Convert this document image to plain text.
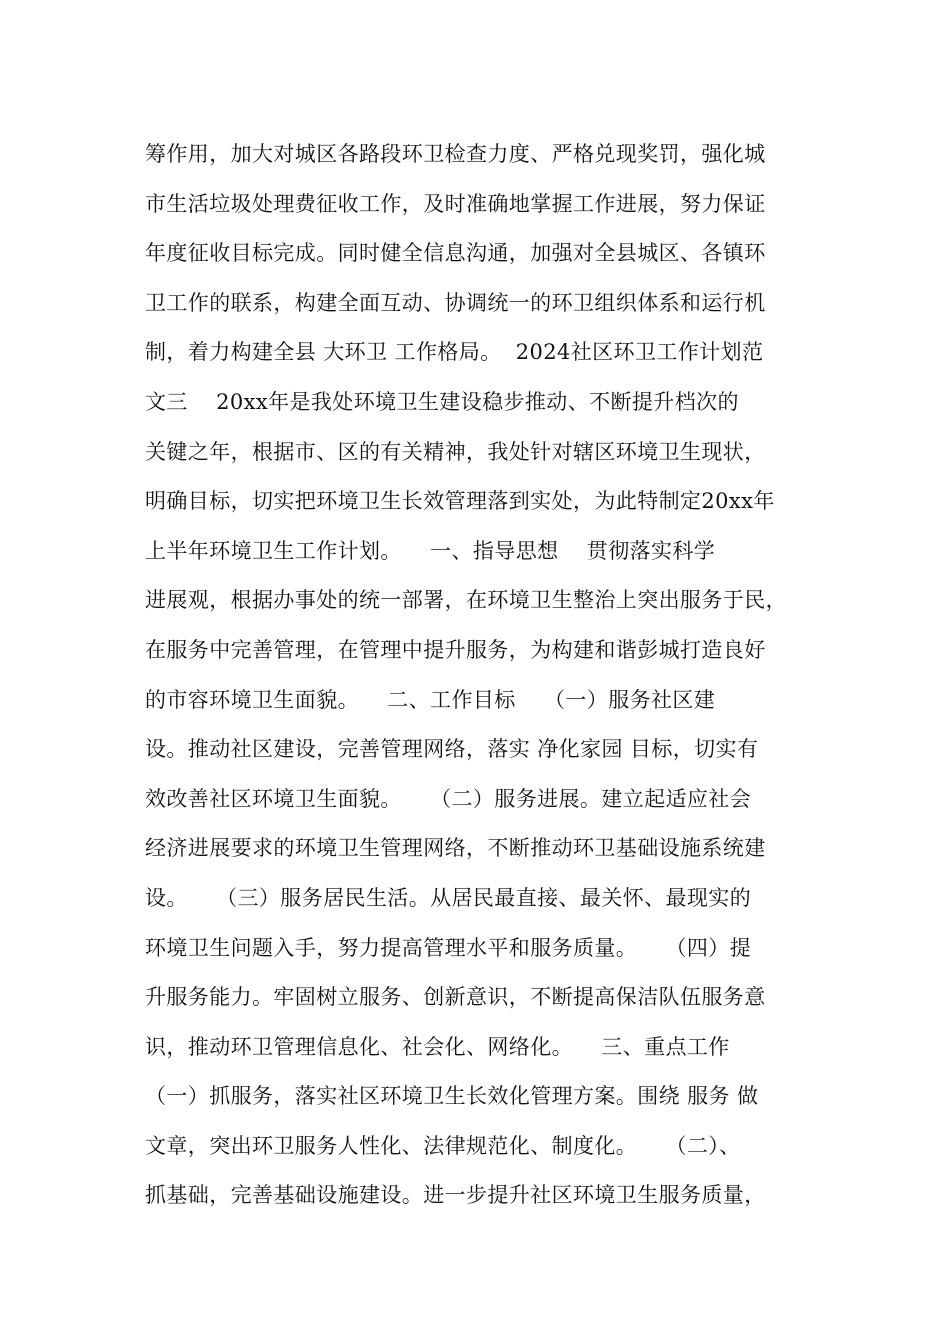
筹作用，加大对城区各路段环卫检查力度、严格兑现奖罚，强化城
市生活垃圾处理费征收工作，及时准确地掌握工作进展，努力保证
年度征收目标完成。同时健全信息沟通，加强对全县城区、各镇环
卫工作的联系，构建全面互动、协调统一的环卫组织体系和运行机
制，着力构建全县 大环卫 工作格局。  2024社区环卫工作计划范
文三    20xx年是我处环境卫生建设稳步推动、不断提升档次的
关键之年，根据市、区的有关精神，我处针对辖区环境卫生现状，
明确目标，切实把环境卫生长效管理落到实处，为此特制定20xx年
上半年环境卫生工作计划。    一、指导思想    贯彻落实科学
进展观，根据办事处的统一部署，在环境卫生整治上突出服务于民，
在服务中完善管理，在管理中提升服务，为构建和谐彭城打造良好
的市容环境卫生面貌。    二、工作目标    （一）服务社区建
设。推动社区建设，完善管理网络，落实 净化家园 目标，切实有
效改善社区环境卫生面貌。    （二）服务进展。建立起适应社会
经济进展要求的环境卫生管理网络，不断推动环卫基础设施系统建
设。    （三）服务居民生活。从居民最直接、最关怀、最现实的
环境卫生问题入手，努力提高管理水平和服务质量。    （四）提
升服务能力。牢固树立服务、创新意识，不断提高保洁队伍服务意
识，推动环卫管理信息化、社会化、网络化。    三、重点工作
（一）抓服务，落实社区环境卫生长效化管理方案。围绕 服务 做
文章，突出环卫服务人性化、法律规范化、制度化。    （二）、
抓基础，完善基础设施建设。进一步提升社区环境卫生服务质量，
